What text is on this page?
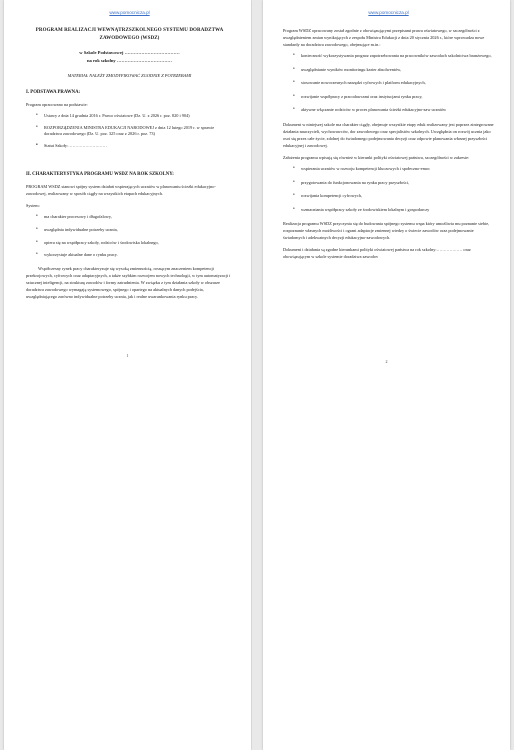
www.pomocnicza.pl
PROGRAM REALIZACJI WEWNĄTRZSZKOLNEGO SYSTEMU DORADZTWA ZAWODOWEGO (WSDZ)
w Szkole Podstawowej ………………………………
na rok szkolny ………………………………
MATERIAŁ NALEŻY ZMODYFIKOWAĆ ZGODNIE Z POTRZEBAMI
I. PODSTAWA PRAWNA:

Program opracowano na podstawie:

• Ustawy z dnia 14 grudnia 2016 r. Prawo oświatowe (Dz. U. z 2026 r. poz. 820 i 904)
• ROZPORZĄDZENIA MINISTRA EDUKACJI NARODOWEJ z dnia 12 lutego 2019 r. w sprawie doradztwa zawodowego (Dz. U. poz. 325 oraz z 2026 r. poz. 73)
• Statut Szkoły:………………………
II. CHARAKTERYSTYKA PROGRAMU WSDZ NA ROK SZKOLNY:

PROGRAM WSDZ stanowi spójny system działań wspierających uczniów w planowaniu ścieżki edukacyjno-zawodowej, realizowany w sposób ciągły na wszystkich etapach edukacyjnych.

System:

• ma charakter procesowy i długofalowy,
• uwzględnia indywidualne potrzeby ucznia,
• opiera się na współpracy szkoły, rodziców i środowiska lokalnego,
• wykorzystuje aktualne dane o rynku pracy.

Współczesny rynek pracy charakteryzuje się wysoką zmiennością, rosnącym znaczeniem kompetencji przekrojowych, cyfrowych oraz adaptacyjnych, a także szybkim rozwojem nowych technologii, w tym automatyzacji i sztucznej inteligencji, na strukturę zawodów i formy zatrudnienia. W związku z tym działania szkoły w obszarze doradztwa zawodowego wymagają systemowego, spójnego i opartego na aktualnych danych podejścia, uwzględniającego zarówno indywidualne potrzeby ucznia, jak i realne uwarunkowania rynku pracy.

1
www.pomocnicza.pl

Program WSDZ opracowany został zgodnie z obowiązującymi przepisami prawa oświatowego, w szczególności z uwzględnieniem zmian wynikających z zespołu Ministra Edukacji z dnia 20 stycznia 2026 r., które wprowadza nowe standardy na doradztwa zawodowego, obejmujące m.in.:

• konieczność wykorzystywania prognoz zapotrzebowania na pracowników zawodach szkolnictwa branżowego,
• uwzględnianie wyników monitoringu karier absolwentów,
• stosowanie nowoczesnych narzędzi cyfrowych i platform edukacyjnych,
• rozwijanie współpracy z pracodawcami oraz instytucjami rynku pracy,
• aktywne włączanie rodziców w proces planowania ścieżki edukacyjno-zaw uczniów

Dokument w niniejszej szkole ma charakter ciągły, obejmuje wszystkie etapy eduk realizowany jest poprzez zintegrowane działania nauczycieli, wychowawców, dor zawodowego oraz specjalistów szkolnych. Uwzględnia on rozwój ucznia jako osoi się przez całe życie, zdolnej do świadomego podejmowania decyzji oraz odpowie planowania własnej przyszłości edukacyjnej i zawodowej.

Założenia programu wpisują się również w kierunki polityki oświatowej państwa, szczególności w zakresie:

• wspierania uczniów w rozwoju kompetencji kluczowych i społeczno-emoc
• przygotowania do funkcjonowania na rynku pracy przyszłości,
• rozwijania kompetencji cyfrowych,
• wzmacniania współpracy szkoły ze środowiskiem lokalnym i gospodarczy

Realizacja programu WSDZ przyczynia się do budowania spójnego systemu wspa który umożliwia mu poznanie siebie, rozpoznanie własnych możliwości i ograni adaptacje zmiennej wiedzy o świecie zawodów oraz podejmowanie świadomych i adekwatnych decyzji edukacyjno-zawodowych.

Dokument i działania są zgodne kierunkami polityki oświatowej państwa na rok szkolny:……………… oraz obowiązującym w szkole systemie doradztwa zawodov

2
